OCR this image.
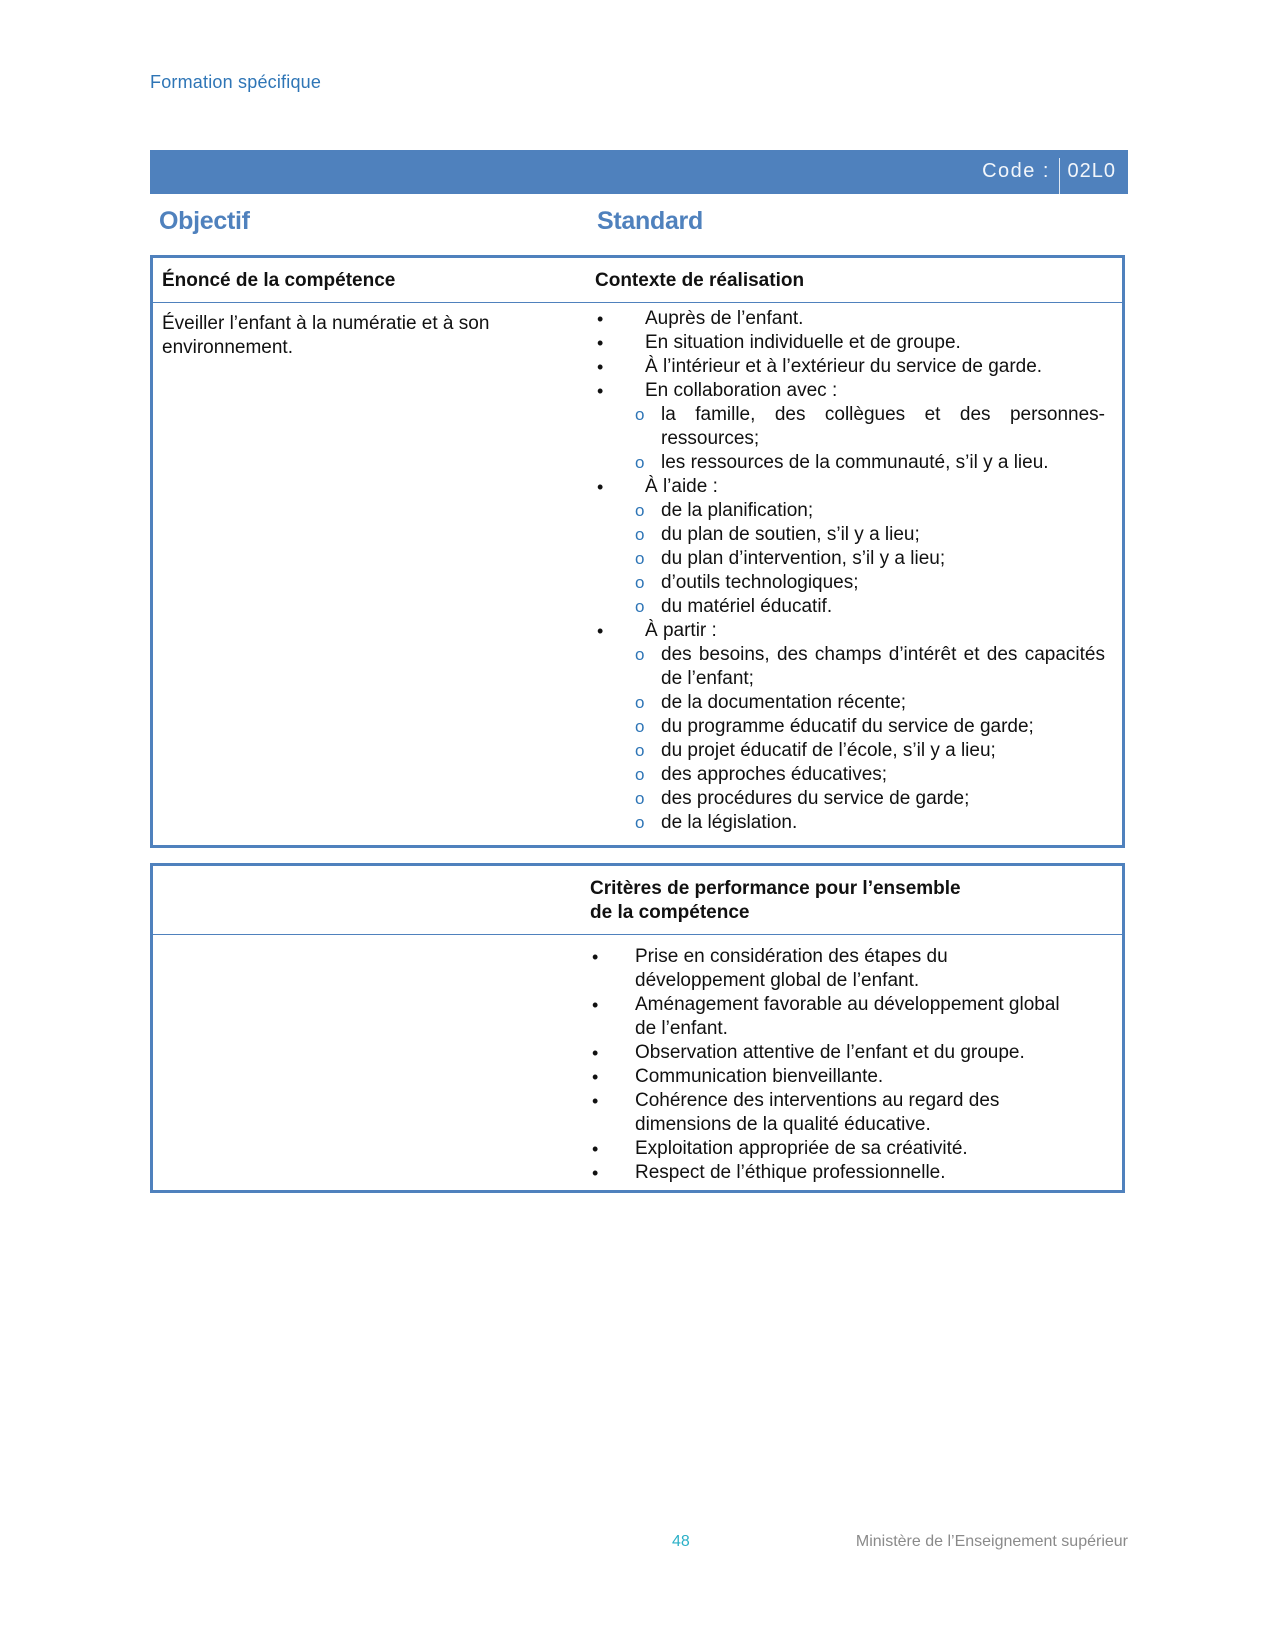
Formation spécifique
Code : 02L0
Objectif	Standard
Énoncé de la compétence	Contexte de réalisation
Éveiller l’enfant à la numératie et à son environnement.
• Auprès de l’enfant.
• En situation individuelle et de groupe.
• À l’intérieur et à l’extérieur du service de garde.
• En collaboration avec :
o la famille, des collègues et des personnes-ressources;
o les ressources de la communauté, s’il y a lieu.
• À l’aide :
o de la planification;
o du plan de soutien, s’il y a lieu;
o du plan d’intervention, s’il y a lieu;
o d’outils technologiques;
o du matériel éducatif.
• À partir :
o des besoins, des champs d’intérêt et des capacités de l’enfant;
o de la documentation récente;
o du programme éducatif du service de garde;
o du projet éducatif de l’école, s’il y a lieu;
o des approches éducatives;
o des procédures du service de garde;
o de la législation.
Critères de performance pour l’ensemble
de la compétence
• Prise en considération des étapes du développement global de l’enfant.
• Aménagement favorable au développement global de l’enfant.
• Observation attentive de l’enfant et du groupe.
• Communication bienveillante.
• Cohérence des interventions au regard des dimensions de la qualité éducative.
• Exploitation appropriée de sa créativité.
• Respect de l’éthique professionnelle.
48	Ministère de l’Enseignement supérieur
